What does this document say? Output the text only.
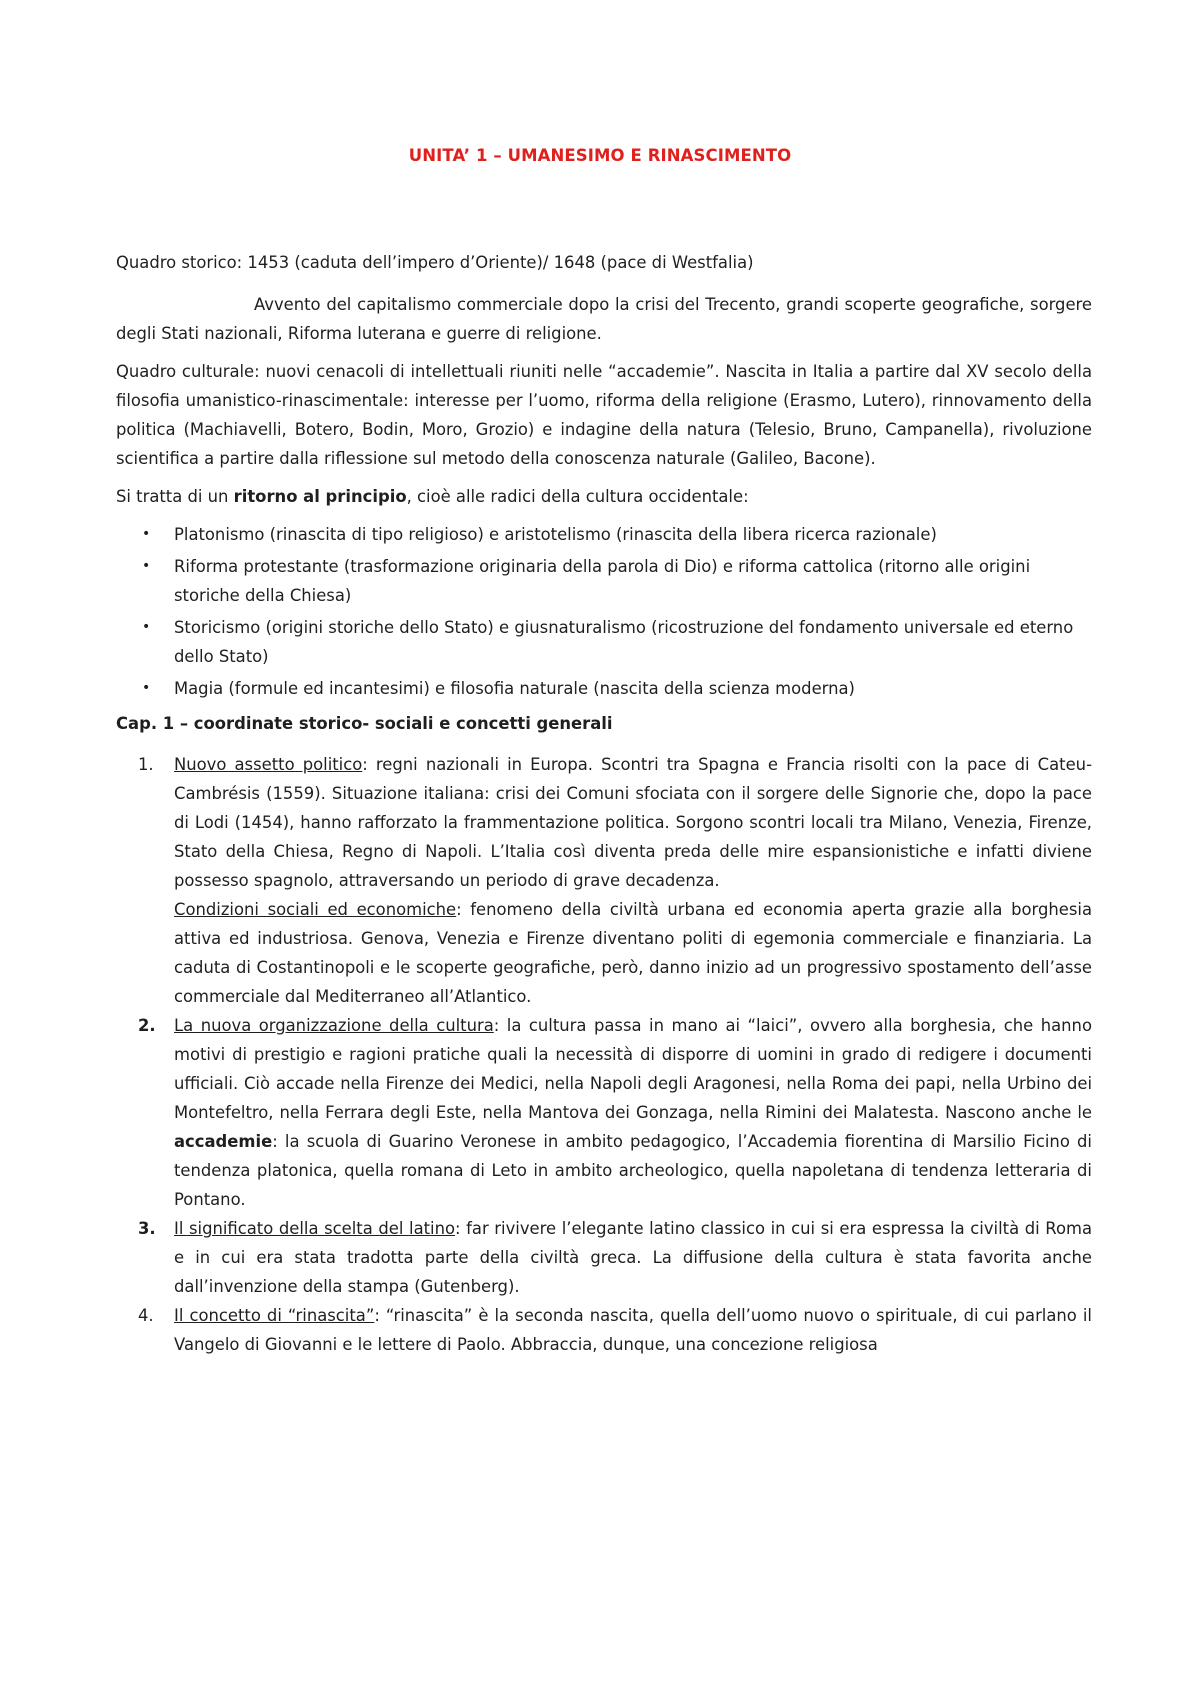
UNITA’ 1 – UMANESIMO E RINASCIMENTO

Quadro storico: 1453 (caduta dell’impero d’Oriente)/ 1648 (pace di Westfalia)

Avvento del capitalismo commerciale dopo la crisi del Trecento, grandi scoperte geografiche, sorgere degli Stati nazionali, Riforma luterana e guerre di religione.

Quadro culturale: nuovi cenacoli di intellettuali riuniti nelle “accademie”. Nascita in Italia a partire dal XV secolo della filosofia umanistico-rinascimentale: interesse per l’uomo, riforma della religione (Erasmo, Lutero), rinnovamento della politica (Machiavelli, Botero, Bodin, Moro, Grozio) e indagine della natura (Telesio, Bruno, Campanella), rivoluzione scientifica a partire dalla riflessione sul metodo della conoscenza naturale (Galileo, Bacone).

Si tratta di un ritorno al principio, cioè alle radici della cultura occidentale:

• Platonismo (rinascita di tipo religioso) e aristotelismo (rinascita della libera ricerca razionale)
• Riforma protestante (trasformazione originaria della parola di Dio) e riforma cattolica (ritorno alle origini storiche della Chiesa)
• Storicismo (origini storiche dello Stato) e giusnaturalismo (ricostruzione del fondamento universale ed eterno dello Stato)
• Magia (formule ed incantesimi) e filosofia naturale (nascita della scienza moderna)

Cap. 1 – coordinate storico- sociali e concetti generali

1. Nuovo assetto politico: regni nazionali in Europa. Scontri tra Spagna e Francia risolti con la pace di Cateu-Cambrésis (1559). Situazione italiana: crisi dei Comuni sfociata con il sorgere delle Signorie che, dopo la pace di Lodi (1454), hanno rafforzato la frammentazione politica. Sorgono scontri locali tra Milano, Venezia, Firenze, Stato della Chiesa, Regno di Napoli. L’Italia così diventa preda delle mire espansionistiche e infatti diviene possesso spagnolo, attraversando un periodo di grave decadenza.
Condizioni sociali ed economiche: fenomeno della civiltà urbana ed economia aperta grazie alla borghesia attiva ed industriosa. Genova, Venezia e Firenze diventano politi di egemonia commerciale e finanziaria. La caduta di Costantinopoli e le scoperte geografiche, però, danno inizio ad un progressivo spostamento dell’asse commerciale dal Mediterraneo all’Atlantico.
2. La nuova organizzazione della cultura: la cultura passa in mano ai “laici”, ovvero alla borghesia, che hanno motivi di prestigio e ragioni pratiche quali la necessità di disporre di uomini in grado di redigere i documenti ufficiali. Ciò accade nella Firenze dei Medici, nella Napoli degli Aragonesi, nella Roma dei papi, nella Urbino dei Montefeltro, nella Ferrara degli Este, nella Mantova dei Gonzaga, nella Rimini dei Malatesta. Nascono anche le accademie: la scuola di Guarino Veronese in ambito pedagogico, l’Accademia fiorentina di Marsilio Ficino di tendenza platonica, quella romana di Leto in ambito archeologico, quella napoletana di tendenza letteraria di Pontano.
3. Il significato della scelta del latino: far rivivere l’elegante latino classico in cui si era espressa la civiltà di Roma e in cui era stata tradotta parte della civiltà greca. La diffusione della cultura è stata favorita anche dall’invenzione della stampa (Gutenberg).
4. Il concetto di “rinascita”: “rinascita” è la seconda nascita, quella dell’uomo nuovo o spirituale, di cui parlano il Vangelo di Giovanni e le lettere di Paolo. Abbraccia, dunque, una concezione religiosa
